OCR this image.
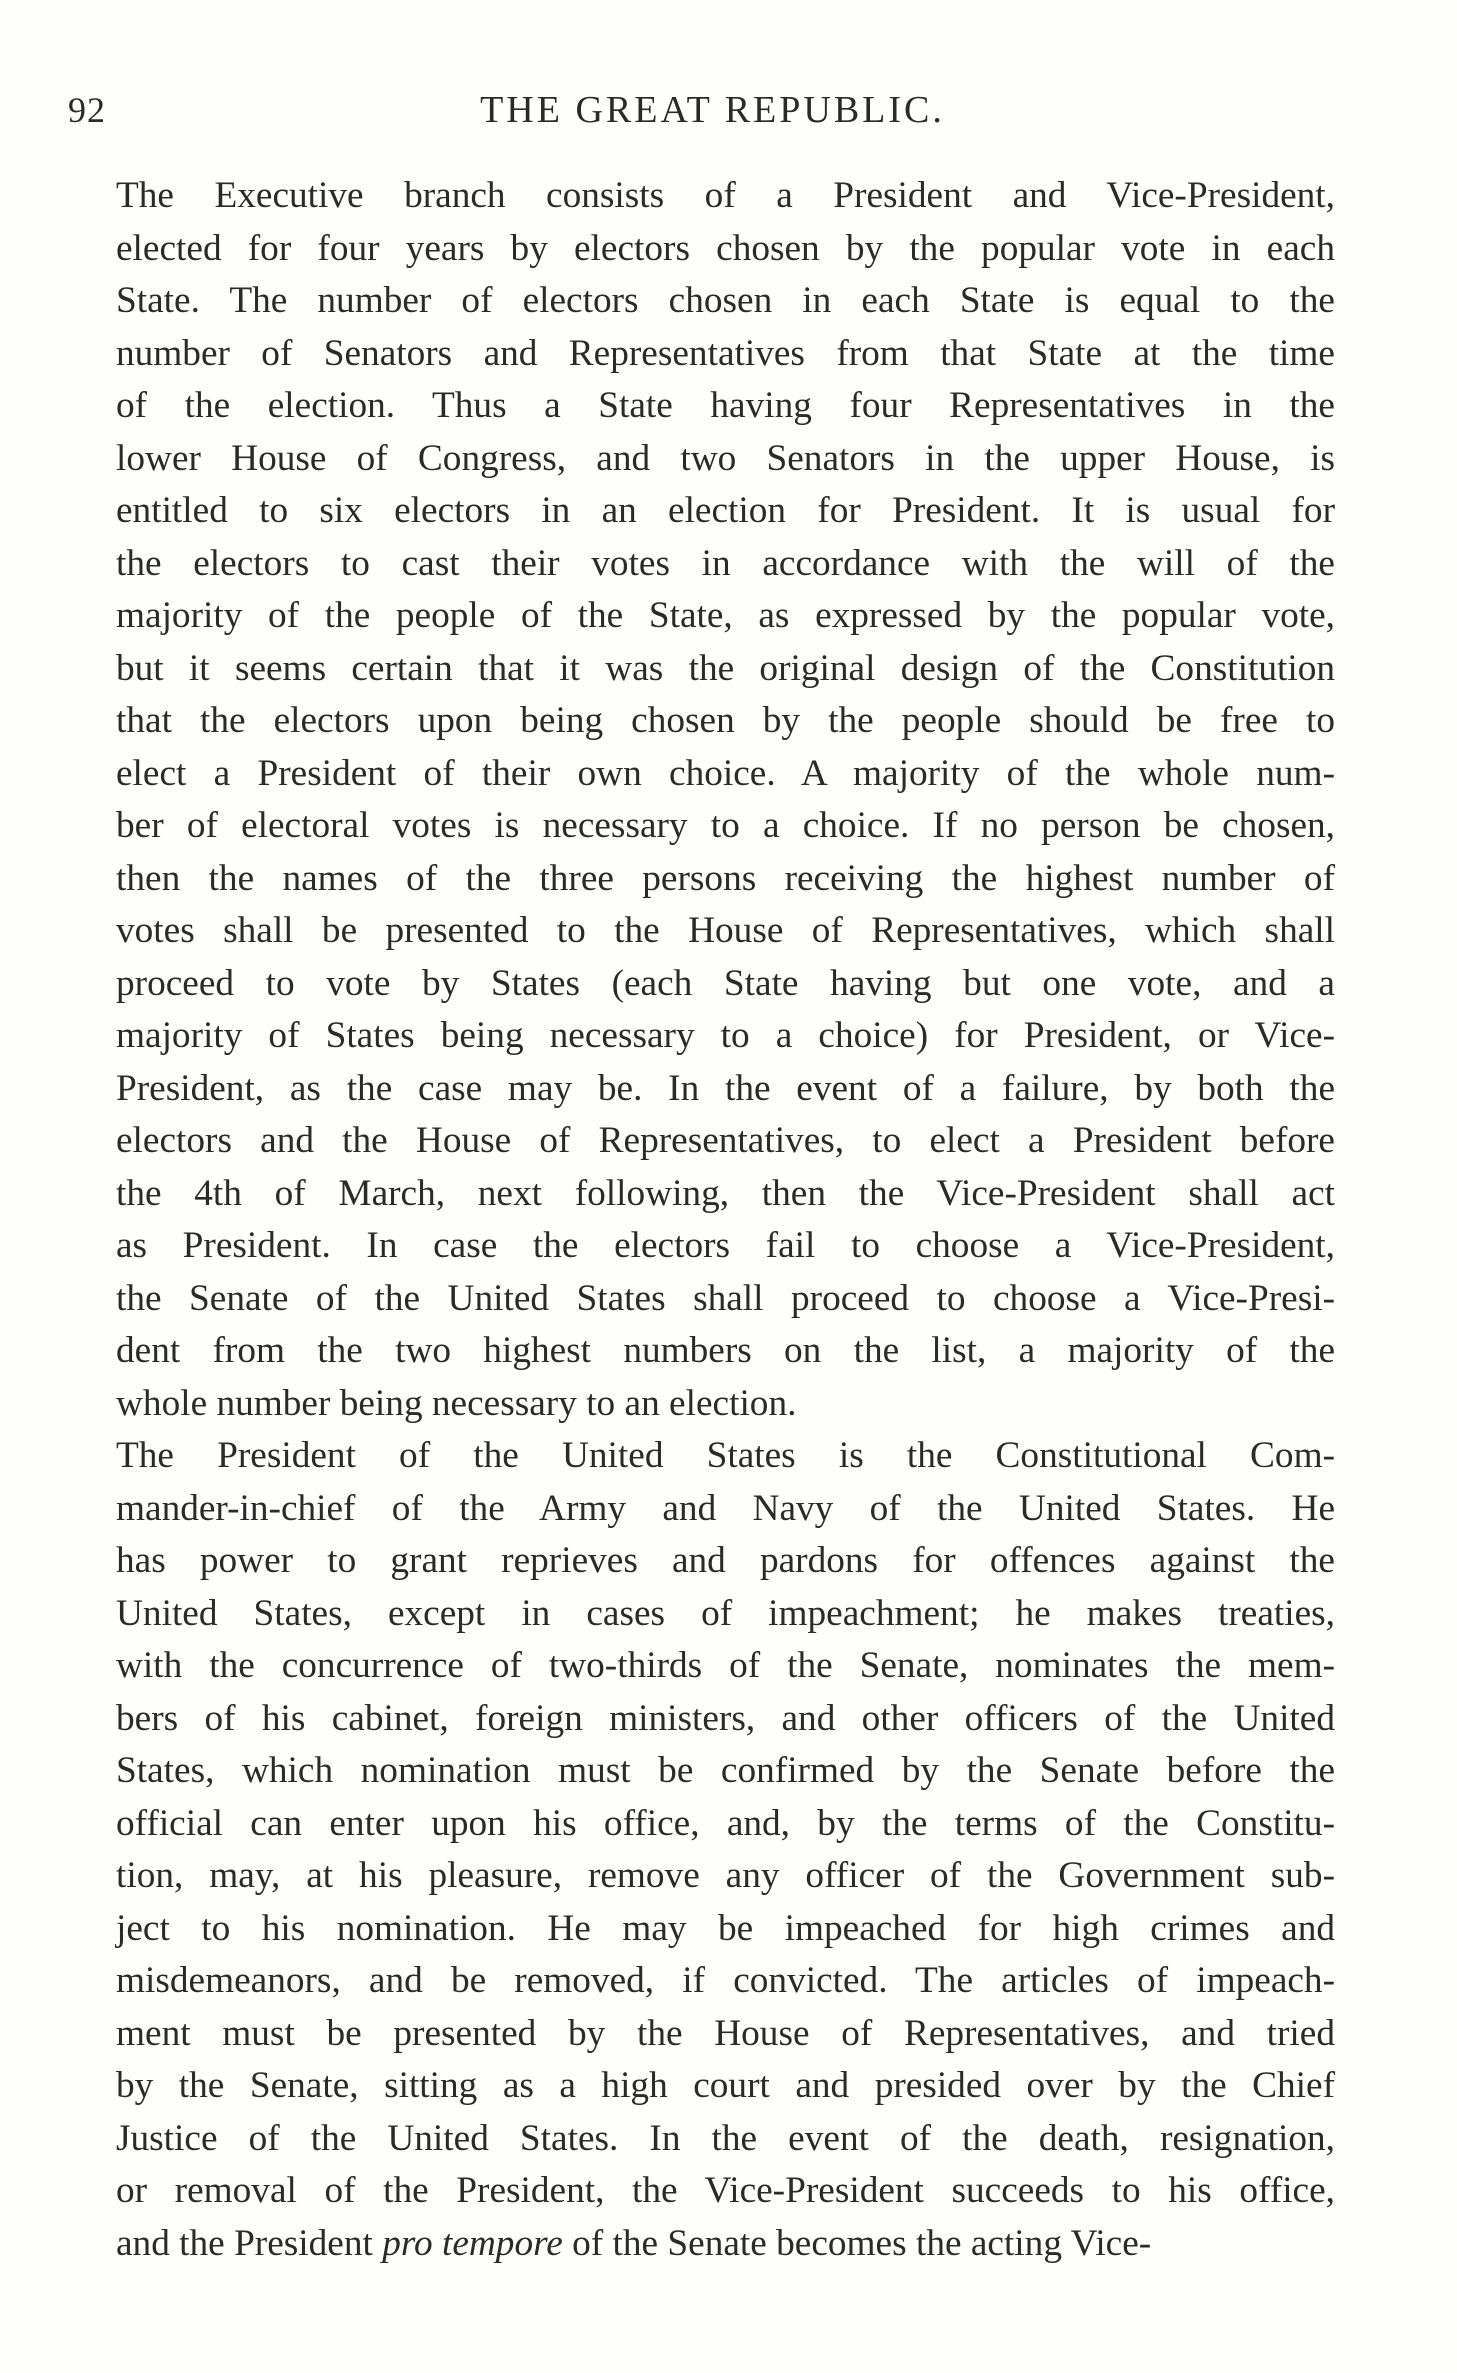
92	THE GREAT REPUBLIC.
The Executive branch consists of a President and Vice-President,
elected for four years by electors chosen by the popular vote in each
State. The number of electors chosen in each State is equal to the
number of Senators and Representatives from that State at the time
of the election. Thus a State having four Representatives in the
lower House of Congress, and two Senators in the upper House, is
entitled to six electors in an election for President. It is usual for
the electors to cast their votes in accordance with the will of the
majority of the people of the State, as expressed by the popular vote,
but it seems certain that it was the original design of the Constitution
that the electors upon being chosen by the people should be free to
elect a President of their own choice. A majority of the whole num-
ber of electoral votes is necessary to a choice. If no person be chosen,
then the names of the three persons receiving the highest number of
votes shall be presented to the House of Representatives, which shall
proceed to vote by States (each State having but one vote, and a
majority of States being necessary to a choice) for President, or Vice-
President, as the case may be. In the event of a failure, by both the
electors and the House of Representatives, to elect a President before
the 4th of March, next following, then the Vice-President shall act
as President. In case the electors fail to choose a Vice-President,
the Senate of the United States shall proceed to choose a Vice-Presi-
dent from the two highest numbers on the list, a majority of the
whole number being necessary to an election.
The President of the United States is the Constitutional Com-
mander-in-chief of the Army and Navy of the United States. He
has power to grant reprieves and pardons for offences against the
United States, except in cases of impeachment; he makes treaties,
with the concurrence of two-thirds of the Senate, nominates the mem-
bers of his cabinet, foreign ministers, and other officers of the United
States, which nomination must be confirmed by the Senate before the
official can enter upon his office, and, by the terms of the Constitu-
tion, may, at his pleasure, remove any officer of the Government sub-
ject to his nomination. He may be impeached for high crimes and
misdemeanors, and be removed, if convicted. The articles of impeach-
ment must be presented by the House of Representatives, and tried
by the Senate, sitting as a high court and presided over by the Chief
Justice of the United States. In the event of the death, resignation,
or removal of the President, the Vice-President succeeds to his office,
and the President pro tempore of the Senate becomes the acting Vice-
